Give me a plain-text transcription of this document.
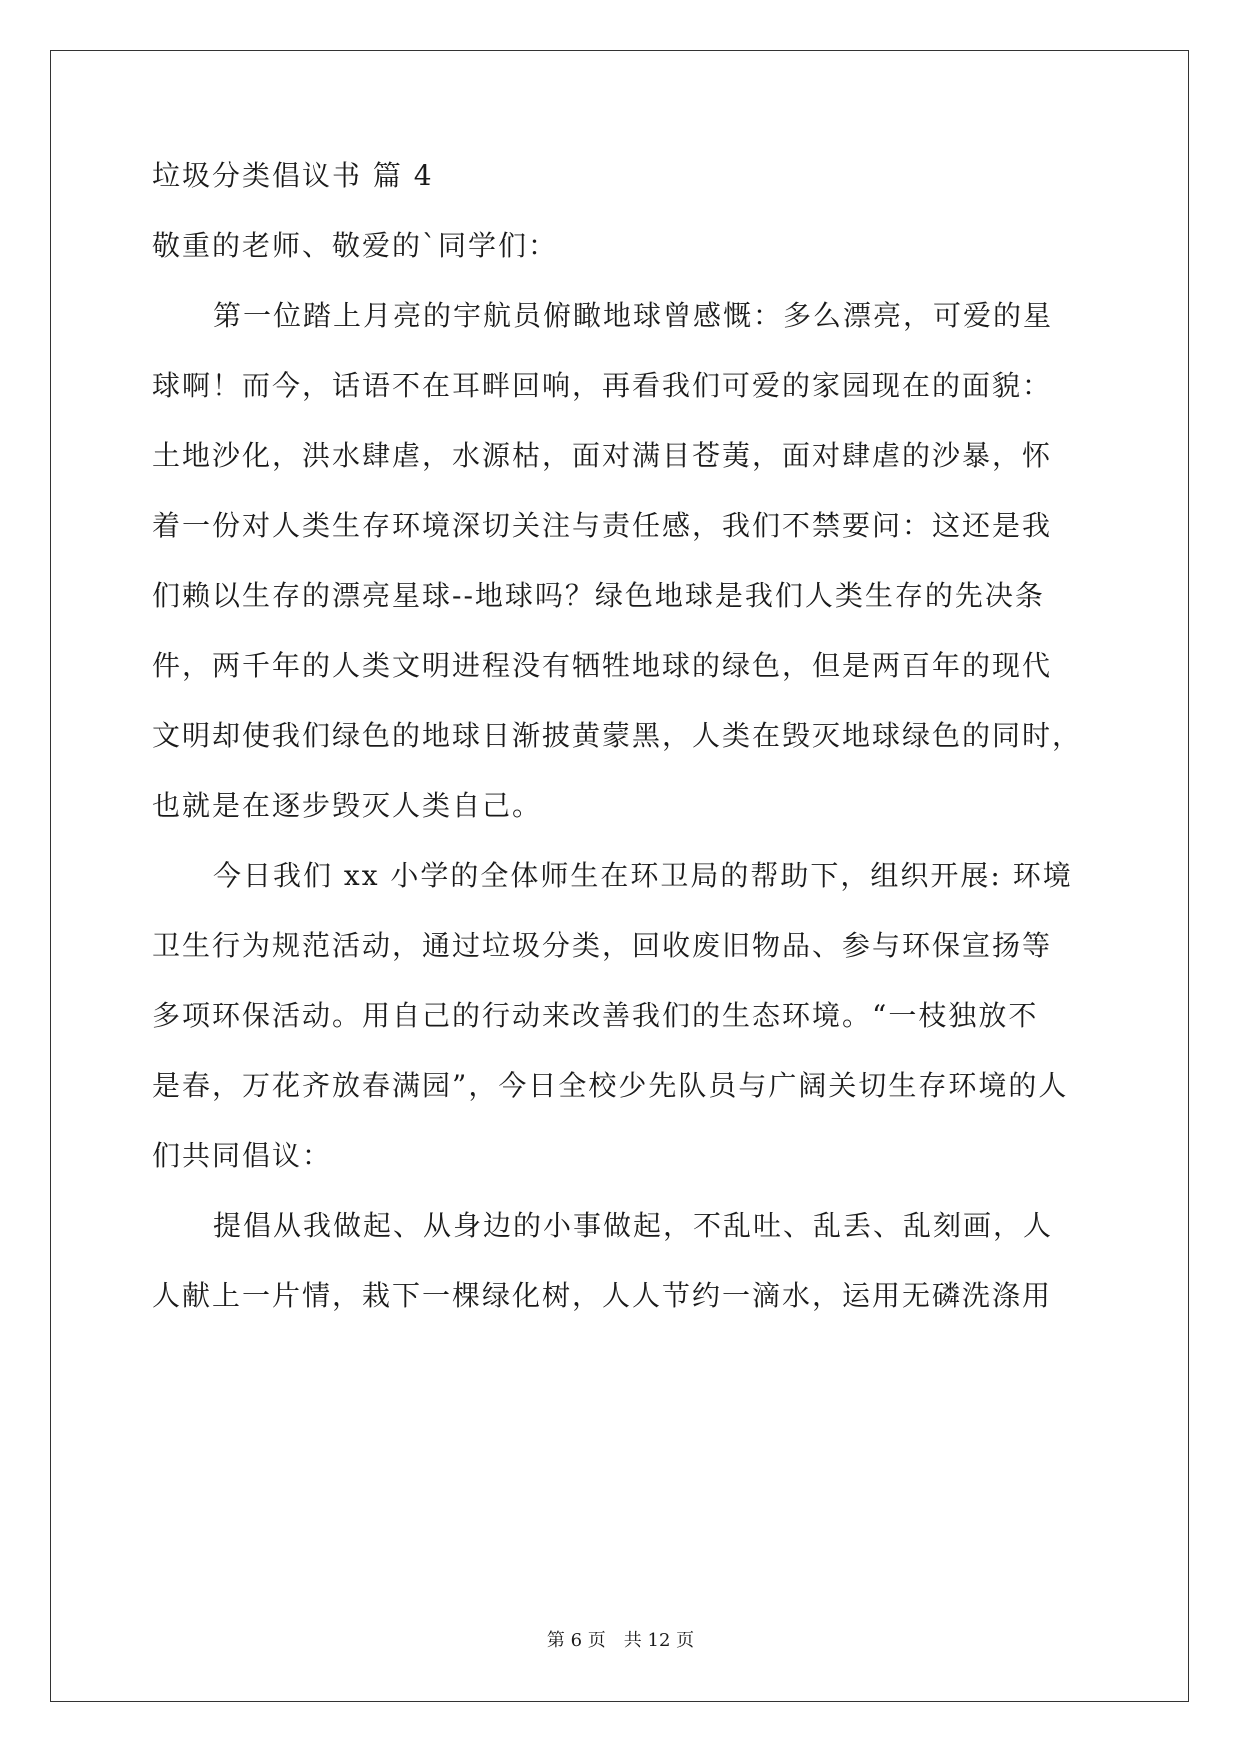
垃圾分类倡议书 篇 4

敬重的老师、敬爱的`同学们：

第一位踏上月亮的宇航员俯瞰地球曾感慨：多么漂亮，可爱的星

球啊！而今，话语不在耳畔回响，再看我们可爱的家园现在的面貌：

土地沙化，洪水肆虐，水源枯，面对满目苍荑，面对肆虐的沙暴，怀

着一份对人类生存环境深切关注与责任感，我们不禁要问：这还是我

们赖以生存的漂亮星球--地球吗？绿色地球是我们人类生存的先决条

件，两千年的人类文明进程没有牺牲地球的绿色，但是两百年的现代

文明却使我们绿色的地球日渐披黄蒙黑，人类在毁灭地球绿色的同时，

也就是在逐步毁灭人类自己。

今日我们 xx 小学的全体师生在环卫局的帮助下，组织开展: 环境

卫生行为规范活动，通过垃圾分类，回收废旧物品、参与环保宣扬等

多项环保活动。用自己的行动来改善我们的生态环境。“一枝独放不

是春，万花齐放春满园”，今日全校少先队员与广阔关切生存环境的人

们共同倡议：

提倡从我做起、从身边的小事做起，不乱吐、乱丢、乱刻画，人

人献上一片情，栽下一棵绿化树，人人节约一滴水，运用无磷洗涤用

第 6 页　共 12 页
